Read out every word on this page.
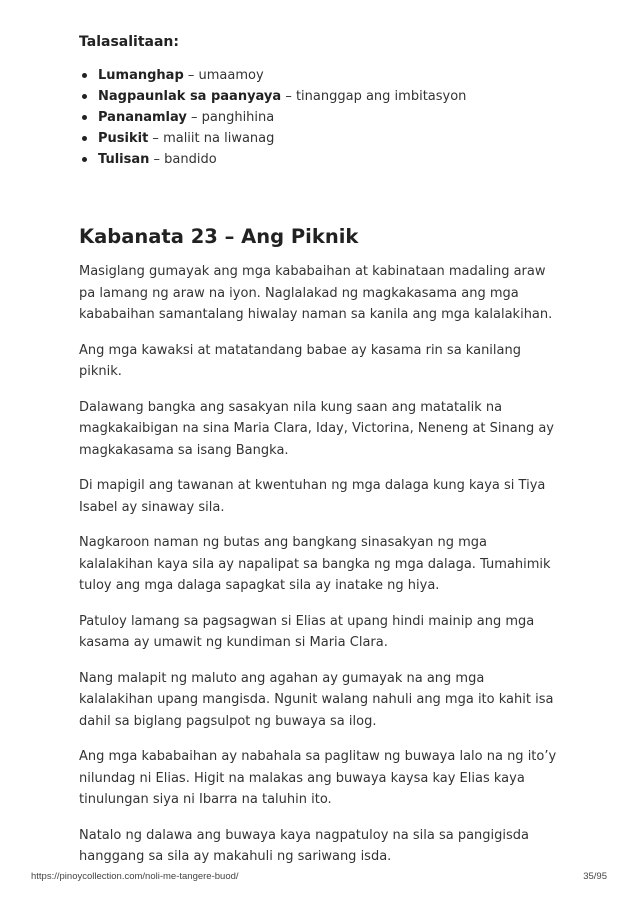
Talasalitaan:
Lumanghap – umaamoy
Nagpaunlak sa paanyaya – tinanggap ang imbitasyon
Pananamlay – panghihina
Pusikit – maliit na liwanag
Tulisan – bandido
Kabanata 23 – Ang Piknik

Masiglang gumayak ang mga kababaihan at kabinataan madaling araw pa lamang ng araw na iyon. Naglalakad ng magkakasama ang mga kababaihan samantalang hiwalay naman sa kanila ang mga kalalakihan.

Ang mga kawaksi at matatandang babae ay kasama rin sa kanilang piknik.

Dalawang bangka ang sasakyan nila kung saan ang matatalik na magkakaibigan na sina Maria Clara, Iday, Victorina, Neneng at Sinang ay magkakasama sa isang Bangka.

Di mapigil ang tawanan at kwentuhan ng mga dalaga kung kaya si Tiya Isabel ay sinaway sila.

Nagkaroon naman ng butas ang bangkang sinasakyan ng mga kalalakihan kaya sila ay napalipat sa bangka ng mga dalaga. Tumahimik tuloy ang mga dalaga sapagkat sila ay inatake ng hiya.

Patuloy lamang sa pagsagwan si Elias at upang hindi mainip ang mga kasama ay umawit ng kundiman si Maria Clara.

Nang malapit ng maluto ang agahan ay gumayak na ang mga kalalakihan upang mangisda. Ngunit walang nahuli ang mga ito kahit isa dahil sa biglang pagsulpot ng buwaya sa ilog.

Ang mga kababaihan ay nabahala sa paglitaw ng buwaya lalo na ng ito’y nilundag ni Elias. Higit na malakas ang buwaya kaysa kay Elias kaya tinulungan siya ni Ibarra na taluhin ito.

Natalo ng dalawa ang buwaya kaya nagpatuloy na sila sa pangigisda hanggang sa sila ay makahuli ng sariwang isda.

https://pinoycollection.com/noli-me-tangere-buod/	35/95
